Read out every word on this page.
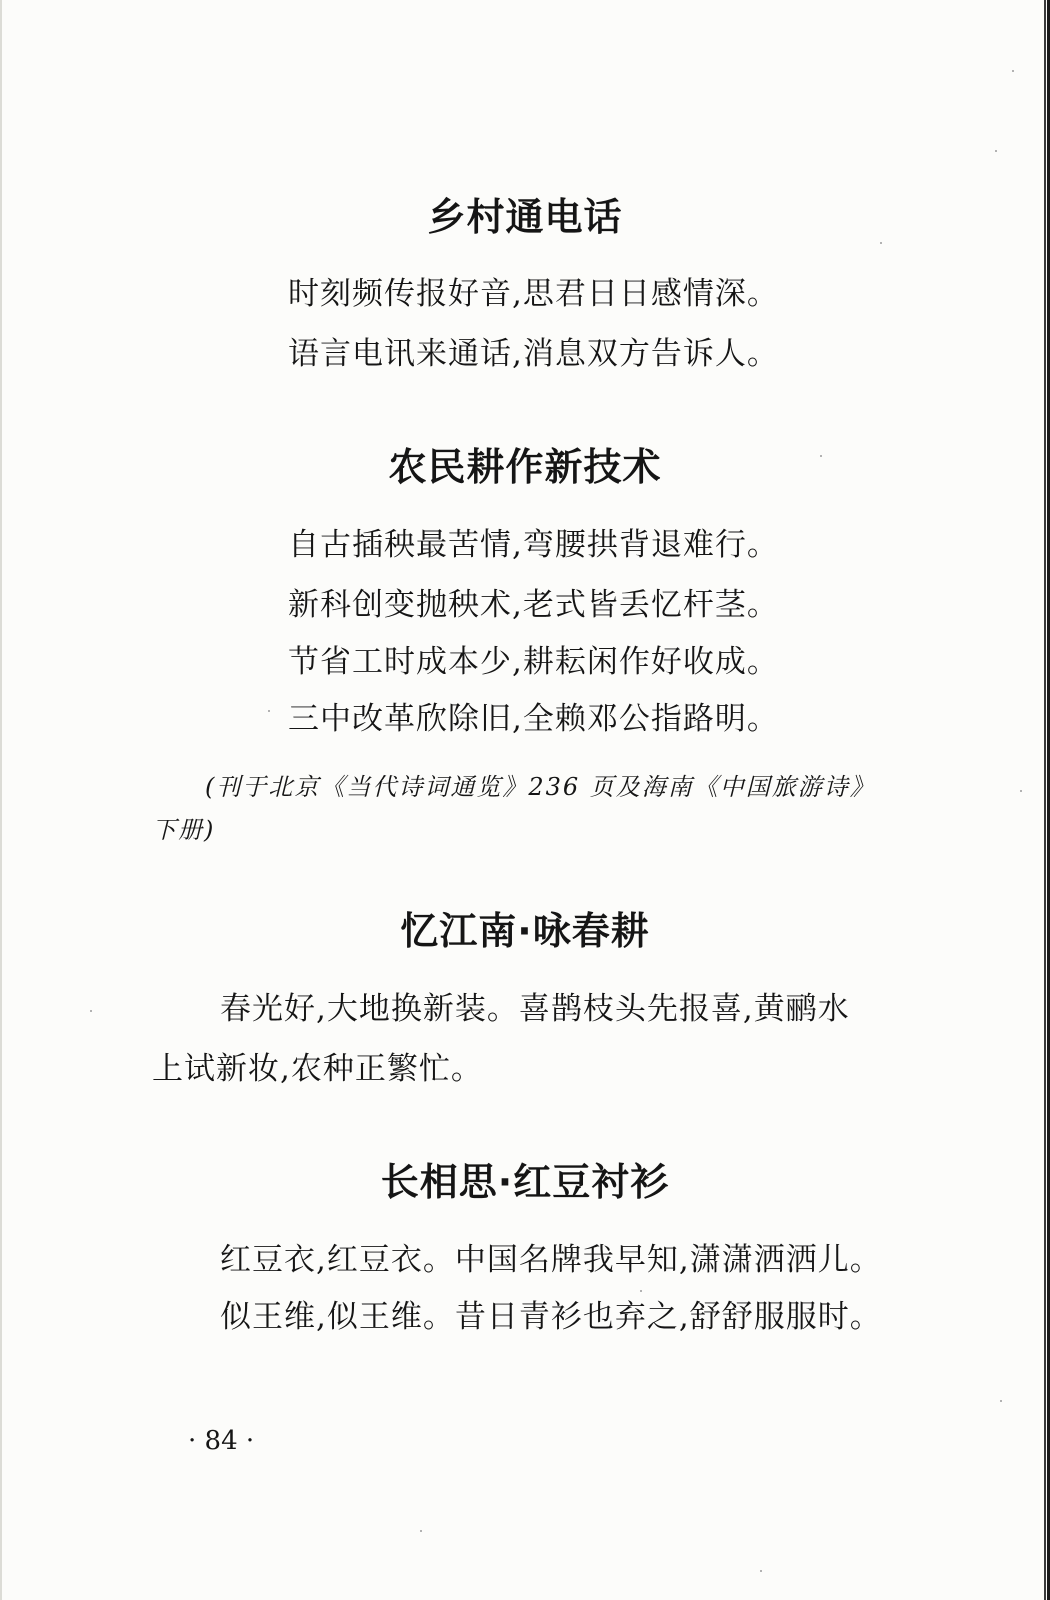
乡村通电话

时刻频传报好音,思君日日感情深。

语言电讯来通话,消息双方告诉人。

农民耕作新技术

自古插秧最苦情,弯腰拱背退难行。

新科创变抛秧术,老式皆丢忆杆茎。

节省工时成本少,耕耘闲作好收成。

三中改革欣除旧,全赖邓公指路明。

(刊于北京《当代诗词通览》236 页及海南《中国旅游诗》

下册)

忆江南·咏春耕

春光好,大地换新装。喜鹊枝头先报喜,黄鹂水

上试新妆,农种正繁忙。

长相思·红豆衬衫

红豆衣,红豆衣。中国名牌我早知,潇潇洒洒儿。

似王维,似王维。昔日青衫也弃之,舒舒服服时。

· 84 ·
